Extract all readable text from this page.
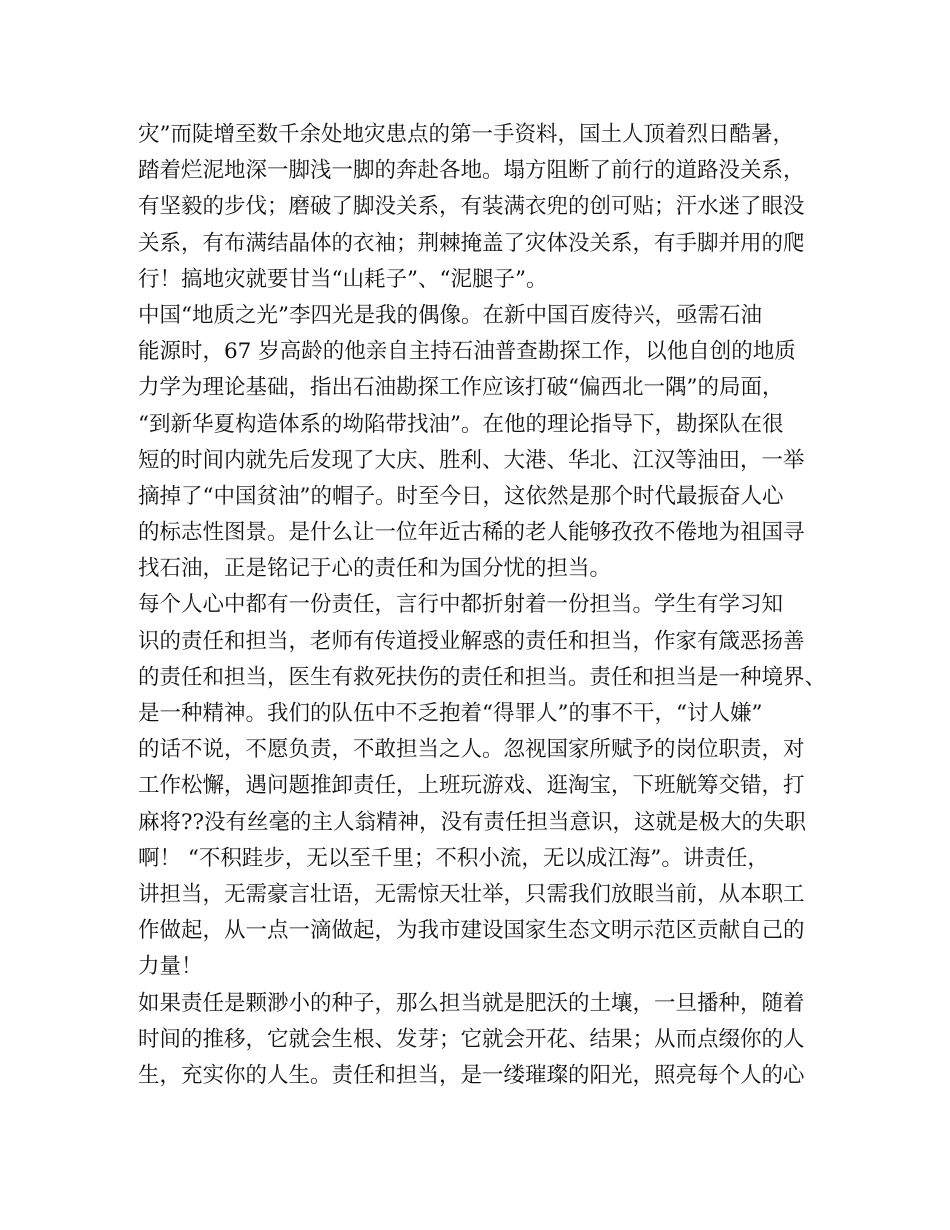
灾”而陡增至数千余处地灾患点的第一手资料，国土人顶着烈日酷暑，
踏着烂泥地深一脚浅一脚的奔赴各地。塌方阻断了前行的道路没关系，
有坚毅的步伐；磨破了脚没关系，有装满衣兜的创可贴；汗水迷了眼没
关系，有布满结晶体的衣袖；荆棘掩盖了灾体没关系，有手脚并用的爬
行！搞地灾就要甘当“山耗子”、“泥腿子”。
中国“地质之光”李四光是我的偶像。在新中国百废待兴，亟需石油
能源时，67 岁高龄的他亲自主持石油普查勘探工作，以他自创的地质
力学为理论基础，指出石油勘探工作应该打破“偏西北一隅”的局面，
“到新华夏构造体系的坳陷带找油”。在他的理论指导下，勘探队在很
短的时间内就先后发现了大庆、胜利、大港、华北、江汉等油田，一举
摘掉了“中国贫油”的帽子。时至今日，这依然是那个时代最振奋人心
的标志性图景。是什么让一位年近古稀的老人能够孜孜不倦地为祖国寻
找石油，正是铭记于心的责任和为国分忧的担当。
每个人心中都有一份责任，言行中都折射着一份担当。学生有学习知
识的责任和担当，老师有传道授业解惑的责任和担当，作家有箴恶扬善
的责任和担当，医生有救死扶伤的责任和担当。责任和担当是一种境界、
是一种精神。我们的队伍中不乏抱着“得罪人”的事不干，“讨人嫌”
的话不说，不愿负责，不敢担当之人。忽视国家所赋予的岗位职责，对
工作松懈，遇问题推卸责任，上班玩游戏、逛淘宝，下班觥筹交错，打
麻将??没有丝毫的主人翁精神，没有责任担当意识，这就是极大的失职
啊！ “不积跬步，无以至千里；不积小流，无以成江海”。讲责任，
讲担当，无需豪言壮语，无需惊天壮举，只需我们放眼当前，从本职工
作做起，从一点一滴做起，为我市建设国家生态文明示范区贡献自己的
力量！
如果责任是颗渺小的种子，那么担当就是肥沃的土壤，一旦播种，随着
时间的推移，它就会生根、发芽；它就会开花、结果；从而点缀你的人
生，充实你的人生。责任和担当，是一缕璀璨的阳光，照亮每个人的心
